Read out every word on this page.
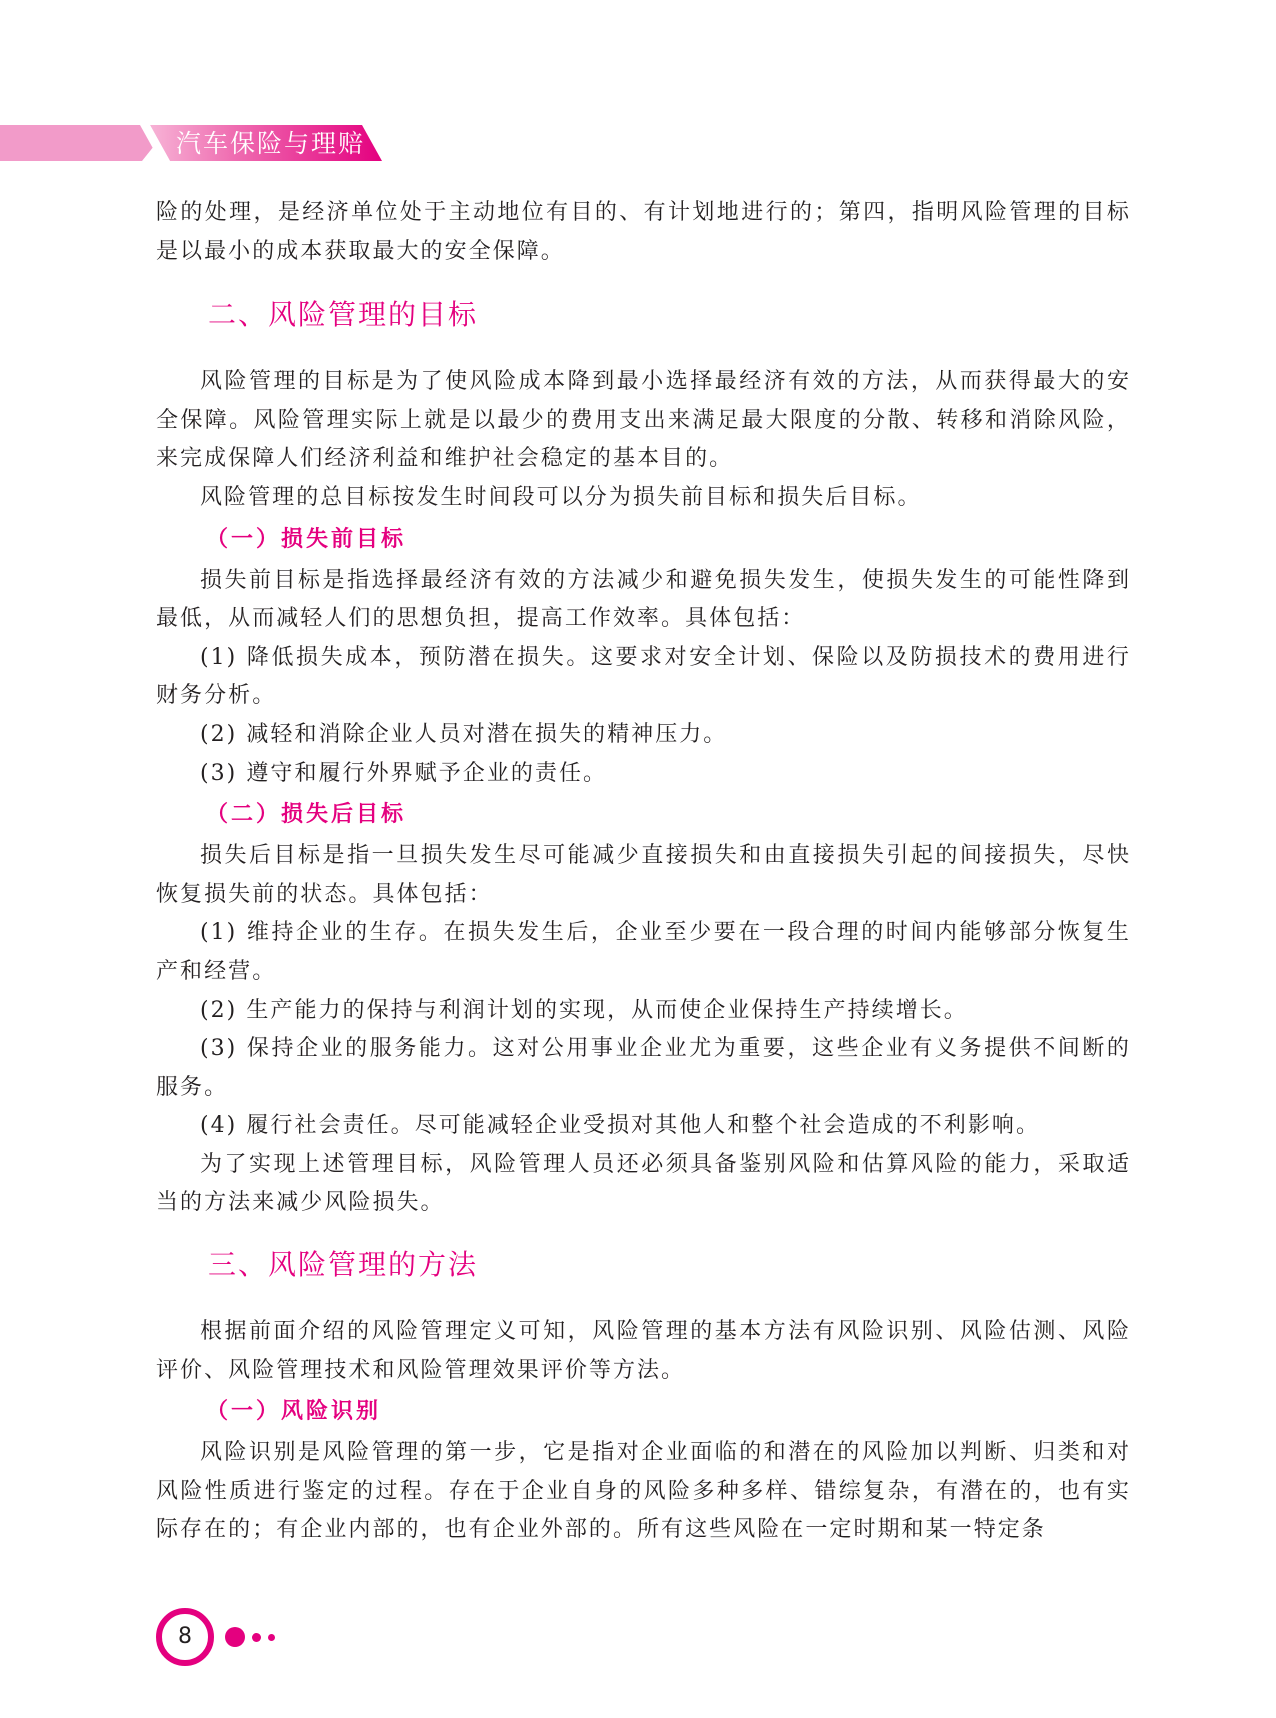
汽车保险与理赔

险的处理，是经济单位处于主动地位有目的、有计划地进行的；第四，指明风险管理的目标是以最小的成本获取最大的安全保障。

二、风险管理的目标

风险管理的目标是为了使风险成本降到最小选择最经济有效的方法，从而获得最大的安全保障。风险管理实际上就是以最少的费用支出来满足最大限度的分散、转移和消除风险，来完成保障人们经济利益和维护社会稳定的基本目的。

风险管理的总目标按发生时间段可以分为损失前目标和损失后目标。

（一）损失前目标

损失前目标是指选择最经济有效的方法减少和避免损失发生，使损失发生的可能性降到最低，从而减轻人们的思想负担，提高工作效率。具体包括：

(1) 降低损失成本，预防潜在损失。这要求对安全计划、保险以及防损技术的费用进行财务分析。

(2) 减轻和消除企业人员对潜在损失的精神压力。

(3) 遵守和履行外界赋予企业的责任。

（二）损失后目标

损失后目标是指一旦损失发生尽可能减少直接损失和由直接损失引起的间接损失，尽快恢复损失前的状态。具体包括：

(1) 维持企业的生存。在损失发生后，企业至少要在一段合理的时间内能够部分恢复生产和经营。

(2) 生产能力的保持与利润计划的实现，从而使企业保持生产持续增长。

(3) 保持企业的服务能力。这对公用事业企业尤为重要，这些企业有义务提供不间断的服务。

(4) 履行社会责任。尽可能减轻企业受损对其他人和整个社会造成的不利影响。

为了实现上述管理目标，风险管理人员还必须具备鉴别风险和估算风险的能力，采取适当的方法来减少风险损失。

三、风险管理的方法

根据前面介绍的风险管理定义可知，风险管理的基本方法有风险识别、风险估测、风险评价、风险管理技术和风险管理效果评价等方法。

（一）风险识别

风险识别是风险管理的第一步，它是指对企业面临的和潜在的风险加以判断、归类和对风险性质进行鉴定的过程。存在于企业自身的风险多种多样、错综复杂，有潜在的，也有实际存在的；有企业内部的，也有企业外部的。所有这些风险在一定时期和某一特定条

8
